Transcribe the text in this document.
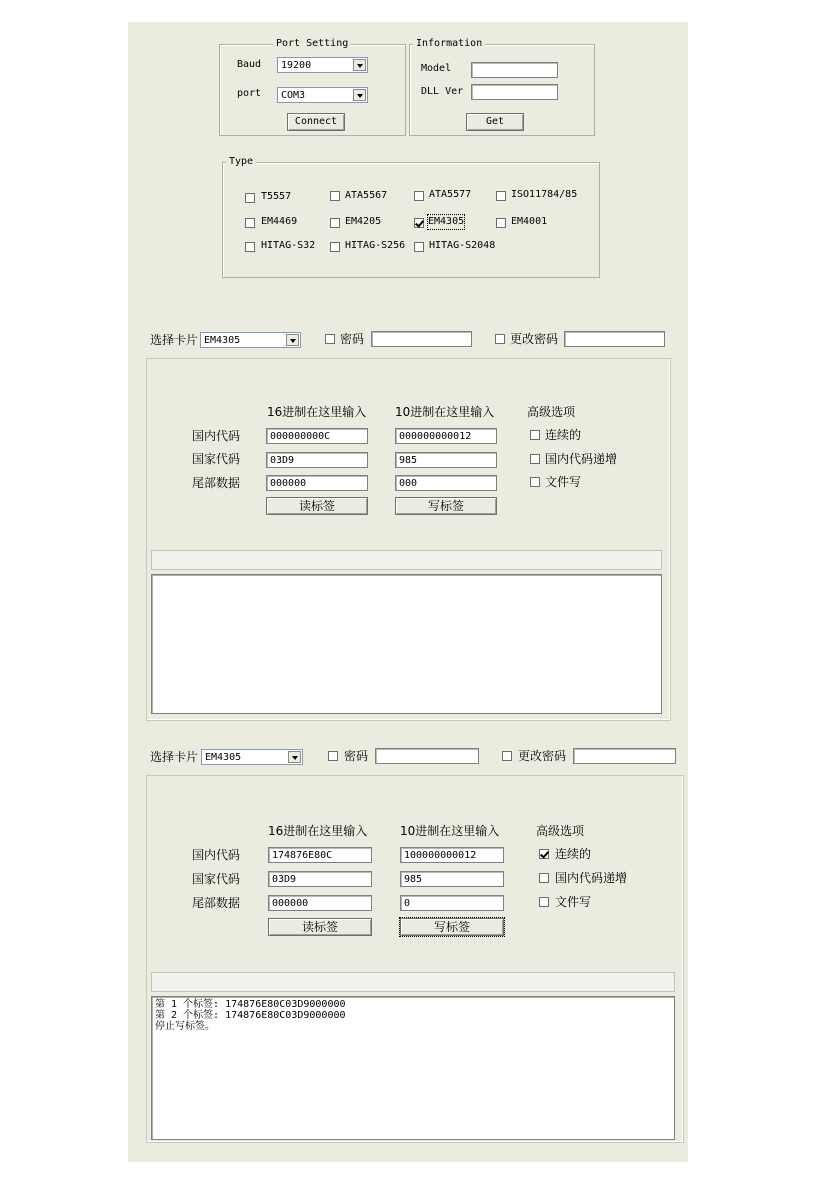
Port Setting
Baud 19200
port COM3
Connect
Information
Model
DLL Ver
Get
Type
T5557	ATA5567	ATA5577	ISO11784/85
EM4469	EM4205	EM4305	EM4001
HITAG-S32	HITAG-S256 HITAG-S2048
选择卡片 EM4305	密码	更改密码
16进制在这里输入 10进制在这里输入	高级选项
国内代码	000000000C	000000000012	连续的
国家代码	03D9	985	国内代码递增
尾部数据	000000	000	文件写
读标签	写标签
选择卡片 EM4305	密码	更改密码
16进制在这里输入	10进制在这里输入	高级选项
国内代码	174876E80C	100000000012	连续的
国家代码	03D9	985	国内代码递增
尾部数据	000000	0	文件写
读标签	写标签
第 1 个标签: 174876E80C03D9000000
第 2 个标签: 174876E80C03D9000000
停止写标签。
